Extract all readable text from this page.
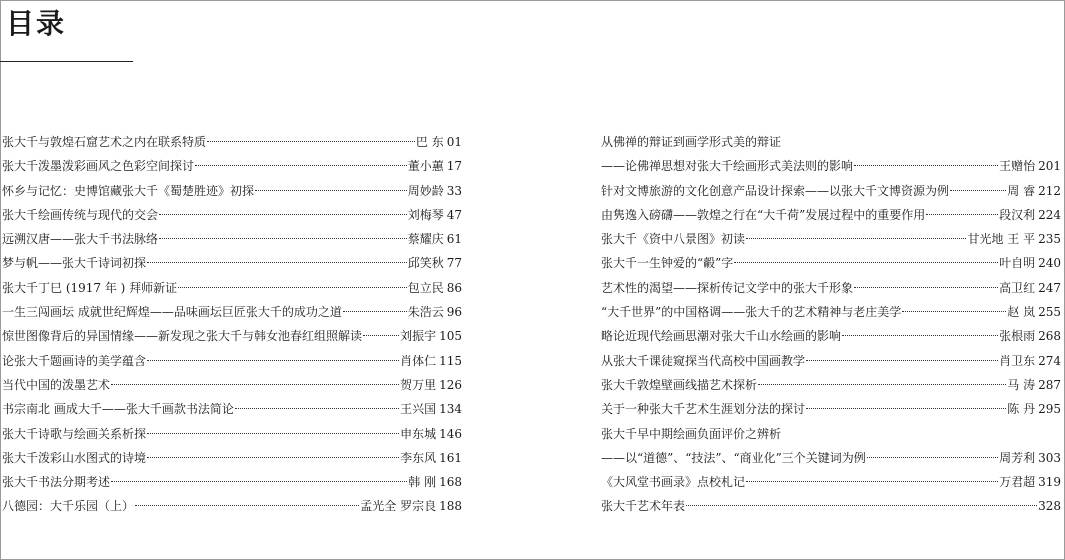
目录
张大千与敦煌石窟艺术之内在联系特质	巴 东 01
张大千泼墨泼彩画风之色彩空间探讨	董小蕙 17
怀乡与记忆：史博馆藏张大千《蜀楚胜迹》初探	周妙龄 33
张大千绘画传统与现代的交会	刘梅琴 47
远溯汉唐——张大千书法脉络	蔡耀庆 61
梦与帆——张大千诗词初探	邱笑秋 77
张大千丁巳 (1917 年 ) 拜师新证	包立民 86
一生三闯画坛 成就世纪辉煌——品味画坛巨匠张大千的成功之道	朱浩云 96
惊世图像背后的异国情缘——新发现之张大千与韩女池春红组照解读	刘振宇 105
论张大千题画诗的美学蕴含	肖体仁 115
当代中国的泼墨艺术	贺万里 126
书宗南北 画成大千——张大千画款书法简论	王兴国 134
张大千诗歌与绘画关系析探	申东城 146
张大千泼彩山水图式的诗境	李东风 161
张大千书法分期考述	韩 刚 168
八德园：大千乐园（上）	孟光全 罗宗良 188
从佛禅的辩证到画学形式美的辩证
——论佛禅思想对张大千绘画形式美法则的影响	王赠怡 201
针对文博旅游的文化创意产品设计探索——以张大千文博资源为例	周 睿 212
由隽逸入磅礴——敦煌之行在“大千荷”发展过程中的重要作用	段汉利 224
张大千《资中八景图》初读	甘光地 王 平 235
张大千一生钟爱的“㲉”字	叶自明 240
艺术性的渴望——探析传记文学中的张大千形象	高卫红 247
“大千世界”的中国格调——张大千的艺术精神与老庄美学	赵 岚 255
略论近现代绘画思潮对张大千山水绘画的影响	张根雨 268
从张大千课徒窥探当代高校中国画教学	肖卫东 274
张大千敦煌壁画线描艺术探析	马 涛 287
关于一种张大千艺术生涯划分法的探讨	陈 丹 295
张大千早中期绘画负面评价之辨析
——以“道德”、“技法”、“商业化”三个关键词为例	周芳利 303
《大风堂书画录》点校札记	万君超 319
张大千艺术年表	328
